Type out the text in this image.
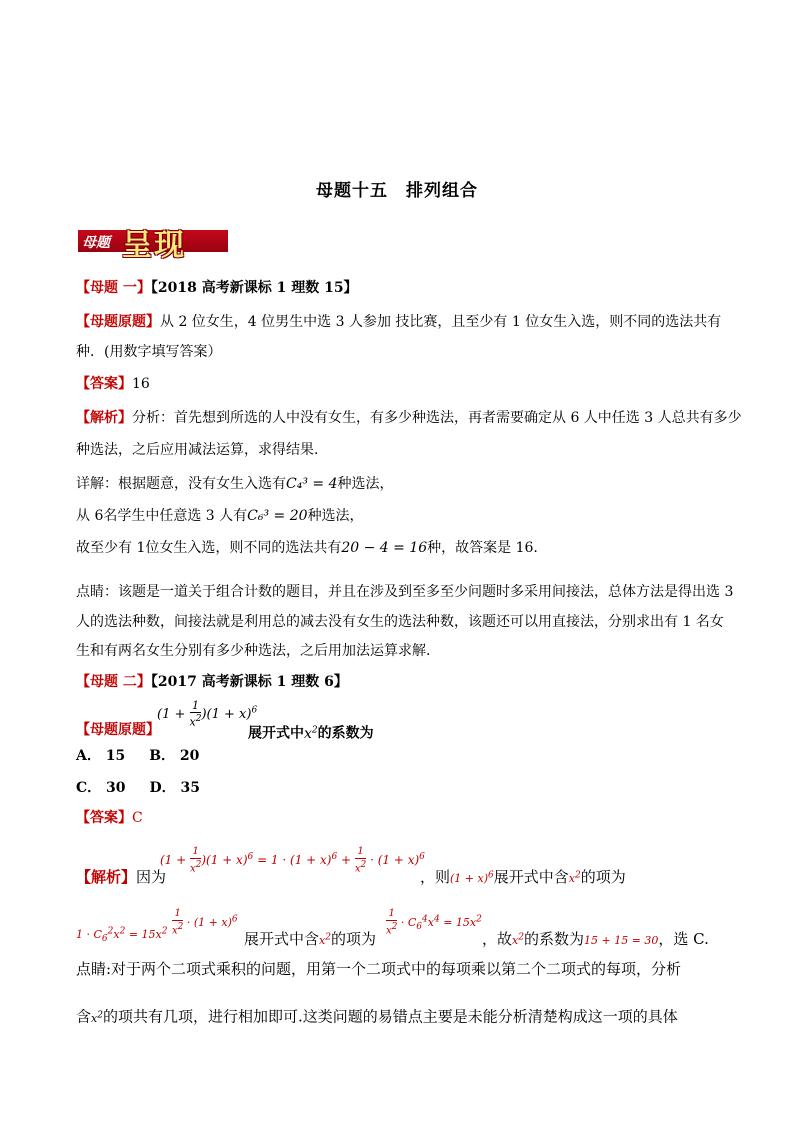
母题十五　排列组合
母题 呈现
【母题 一】【2018 高考新课标 1 理数 15】
【母题原题】从 2 位女生，4 位男生中选 3 人参加 技比赛，且至少有 1 位女生入选，则不同的选法共有
种．(用数字填写答案）
【答案】16
【解析】分析：首先想到所选的人中没有女生，有多少种选法，再者需要确定从 6 人中任选 3 人总共有多少
种选法，之后应用减法运算，求得结果.
详解：根据题意，没有女生入选有C₄³ = 4种选法，
从 6名学生中任意选 3 人有C₆³ = 20种选法，
故至少有 1位女生入选，则不同的选法共有20 − 4 = 16种，故答案是 16.
点睛：该题是一道关于组合计数的题目，并且在涉及到至多至少问题时多采用间接法，总体方法是得出选 3
人的选法种数，间接法就是利用总的减去没有女生的选法种数，该题还可以用直接法，分别求出有 1 名女
生和有两名女生分别有多少种选法，之后用加法运算求解.
【母题 二】【2017 高考新课标 1 理数 6】
【母题原题】
$(1 + \frac{1}{x^2} )(1 + x)^6$
展开式中$x^2$的系数为
A． 15 B． 20
C． 30 D． 35
【答案】C
【解析】因为
$(1 + \frac{1}{x^2} )(1 + x)^6 = 1 \cdot (1 + x)^6 + \frac{1}{x^2} \cdot (1 + x)^6$
，则$(1 + x)^6$展开式中含$x^2$的项为
$1 \cdot C_6^2x^2 = 15x^2 \frac{1}{x^2} \cdot (1 + x)^6$
展开式中含$x^2$的项为
$\frac{1}{x^2} \cdot C_6^4x^4 = 15x^2$
，故$x^2$的系数为15 + 15 = 30，选 C.
点睛:对于两个二项式乘积的问题，用第一个二项式中的每项乘以第二个二项式的每项，分析
含$x^2$的项共有几项，进行相加即可.这类问题的易错点主要是未能分析清楚构成这一项的具体
